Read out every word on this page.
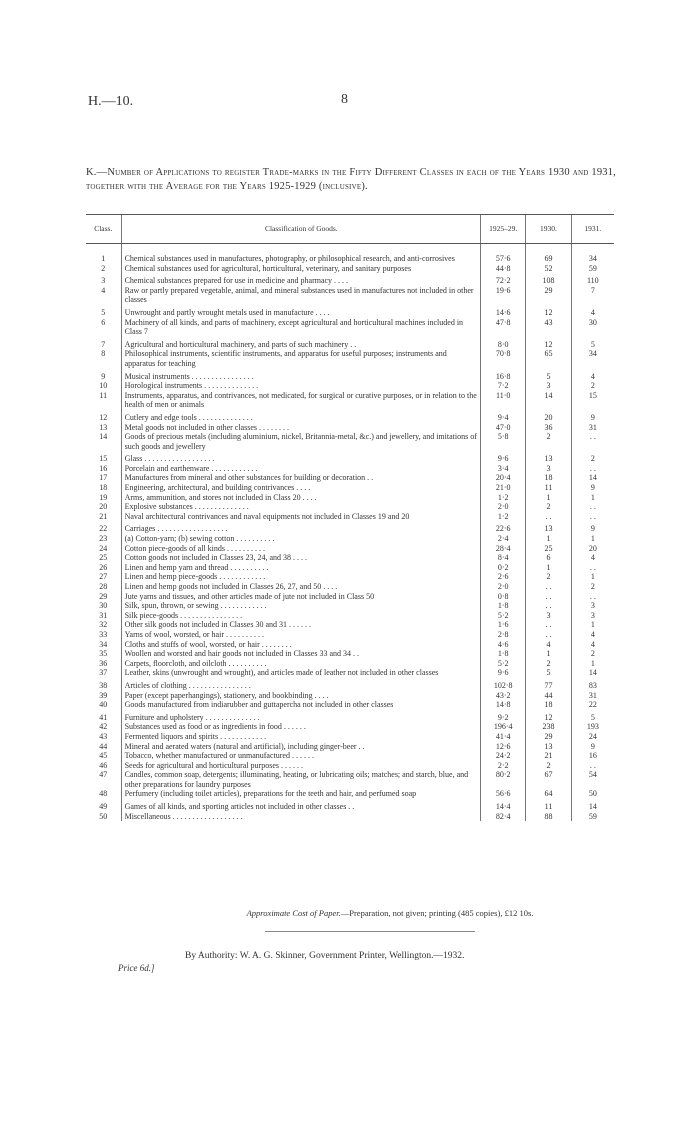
H.—10.	8
K.—Number of Applications to register Trade-marks in the Fifty Different Classes in each of the Years 1930 and 1931, together with the Average for the Years 1925-1929 (inclusive).
Class.	Classification of Goods.	1925–29.	1930.	1931.

1	Chemical substances used in manufactures, photography, or philosophical research, and anti-corrosives	57·6	69	34
2	Chemical substances used for agricultural, horticultural, veterinary, and sanitary purposes	44·8	52	59
3	Chemical substances prepared for use in medicine and pharmacy . . . .	72·2	108	110
4	Raw or partly prepared vegetable, animal, and mineral substances used in manufactures not included in other classes	19·6	29	7
5	Unwrought and partly wrought metals used in manufacture . . . .	14·6	12	4
6	Machinery of all kinds, and parts of machinery, except agricultural and horticultural machines included in Class 7	47·8	43	30
7	Agricultural and horticultural machinery, and parts of such machinery . .	8·0	12	5
8	Philosophical instruments, scientific instruments, and apparatus for useful purposes; instruments and apparatus for teaching	70·8	65	34
9	Musical instruments . . . . . . . . . . . . . . . .	16·8	5	4
10	Horological instruments . . . . . . . . . . . . . .	7·2	3	2
11	Instruments, apparatus, and contrivances, not medicated, for surgical or curative purposes, or in relation to the health of men or animals	11·0	14	15
12	Cutlery and edge tools . . . . . . . . . . . . . .	9·4	20	9
13	Metal goods not included in other classes . . . . . . . .	47·0	36	31
14	Goods of precious metals (including aluminium, nickel, Britannia-metal, &c.) and jewellery, and imitations of such goods and jewellery	5·8	2	. .
15	Glass . . . . . . . . . . . . . . . . . .	9·6	13	2
16	Porcelain and earthenware . . . . . . . . . . . .	3·4	3	. .
17	Manufactures from mineral and other substances for building or decoration . .	20·4	18	14
18	Engineering, architectural, and building contrivances . . . .	21·0	11	9
19	Arms, ammunition, and stores not included in Class 20 . . . .	1·2	1	1
20	Explosive substances . . . . . . . . . . . . . .	2·0	2	. .
21	Naval architectural contrivances and naval equipments not included in Classes 19 and 20	1·2	. .	. .
22	Carriages . . . . . . . . . . . . . . . . . .	22·6	13	9
23	(a) Cotton-yarn; (b) sewing cotton . . . . . . . . . .	2·4	1	1
24	Cotton piece-goods of all kinds . . . . . . . . . .	28·4	25	20
25	Cotton goods not included in Classes 23, 24, and 38 . . . .	8·4	6	4
26	Linen and hemp yarn and thread . . . . . . . . . .	0·2	1	. .
27	Linen and hemp piece-goods . . . . . . . . . . . .	2·6	2	1
28	Linen and hemp goods not included in Classes 26, 27, and 50 . . . .	2·0	. .	2
29	Jute yarns and tissues, and other articles made of jute not included in Class 50	0·8	. .	. .
30	Silk, spun, thrown, or sewing . . . . . . . . . . . .	1·8	. .	3
31	Silk piece-goods . . . . . . . . . . . . . . . .	5·2	3	3
32	Other silk goods not included in Classes 30 and 31 . . . . . .	1·6	. .	1
33	Yarns of wool, worsted, or hair . . . . . . . . . .	2·8	. .	4
34	Cloths and stuffs of wool, worsted, or hair . . . . . . . .	4·6	4	4
35	Woollen and worsted and hair goods not included in Classes 33 and 34 . .	1·8	1	2
36	Carpets, floorcloth, and oilcloth . . . . . . . . . .	5·2	2	1
37	Leather, skins (unwrought and wrought), and articles made of leather not included in other classes	9·6	5	14
38	Articles of clothing . . . . . . . . . . . . . . . .	102·8	77	83
39	Paper (except paperhangings), stationery, and bookbinding . . . .	43·2	44	31
40	Goods manufactured from indiarubber and guttapercha not included in other classes	14·8	18	22
41	Furniture and upholstery . . . . . . . . . . . . . .	9·2	12	5
42	Substances used as food or as ingredients in food . . . . . .	196·4	238	193
43	Fermented liquors and spirits . . . . . . . . . . . .	41·4	29	24
44	Mineral and aerated waters (natural and artificial), including ginger-beer . .	12·6	13	9
45	Tobacco, whether manufactured or unmanufactured . . . . . .	24·2	21	16
46	Seeds for agricultural and horticultural purposes . . . . . .	2·2	2	. .
47	Candles, common soap, detergents; illuminating, heating, or lubricating oils; matches; and starch, blue, and other preparations for laundry purposes	80·2	67	54
48	Perfumery (including toilet articles), preparations for the teeth and hair, and perfumed soap	56·6	64	50
49	Games of all kinds, and sporting articles not included in other classes . .	14·4	11	14
50	Miscellaneous . . . . . . . . . . . . . . . . . .	82·4	88	59
Approximate Cost of Paper.—Preparation, not given; printing (485 copies), £12 10s.
By Authority: W. A. G. Skinner, Government Printer, Wellington.—1932.
Price 6d.]
